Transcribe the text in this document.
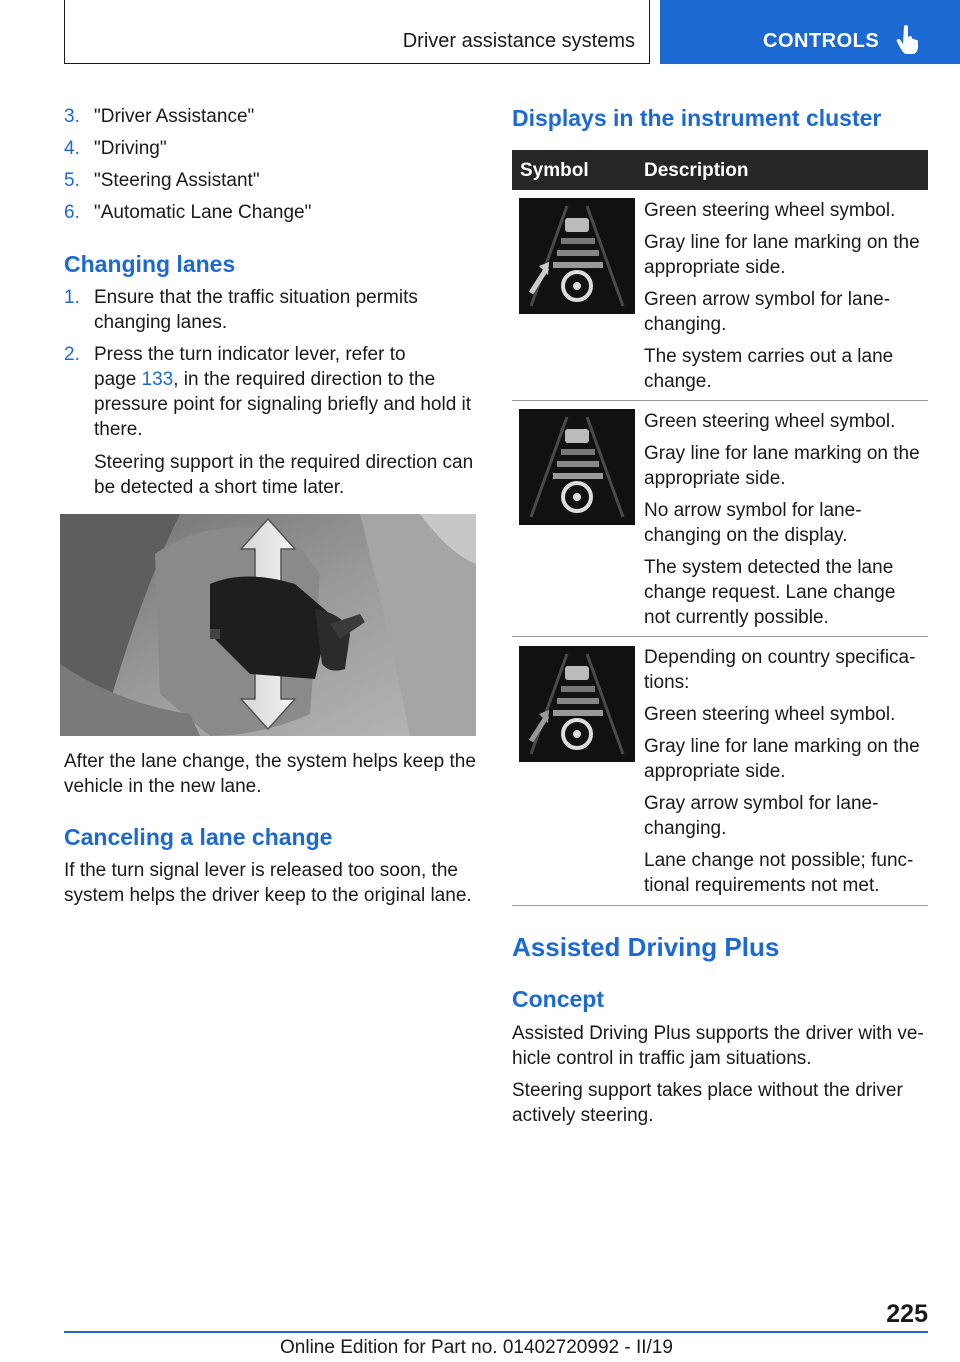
Driver assistance systems	CONTROLS
3. "Driver Assistance"
4. "Driving"
5. "Steering Assistant"
6. "Automatic Lane Change"
Changing lanes
1. Ensure that the traffic situation permits
changing lanes.
2. Press the turn indicator lever, refer to
page 133, in the required direction to the
pressure point for signaling briefly and hold it
there.
Steering support in the required direction can
be detected a short time later.
After the lane change, the system helps keep the
vehicle in the new lane.
Canceling a lane change
If the turn signal lever is released too soon, the
system helps the driver keep to the original lane.
Displays in the instrument cluster
Symbol	Description
Green steering wheel symbol.
Gray line for lane marking on the
appropriate side.
Green arrow symbol for lane-
changing.
The system carries out a lane
change.
Green steering wheel symbol.
Gray line for lane marking on the
appropriate side.
No arrow symbol for lane-
changing on the display.
The system detected the lane
change request. Lane change
not currently possible.
Depending on country specifica-
tions:
Green steering wheel symbol.
Gray line for lane marking on the
appropriate side.
Gray arrow symbol for lane-
changing.
Lane change not possible; func-
tional requirements not met.
Assisted Driving Plus
Concept
Assisted Driving Plus supports the driver with ve-
hicle control in traffic jam situations.
Steering support takes place without the driver
actively steering.
225
Online Edition for Part no. 01402720992 - II/19
